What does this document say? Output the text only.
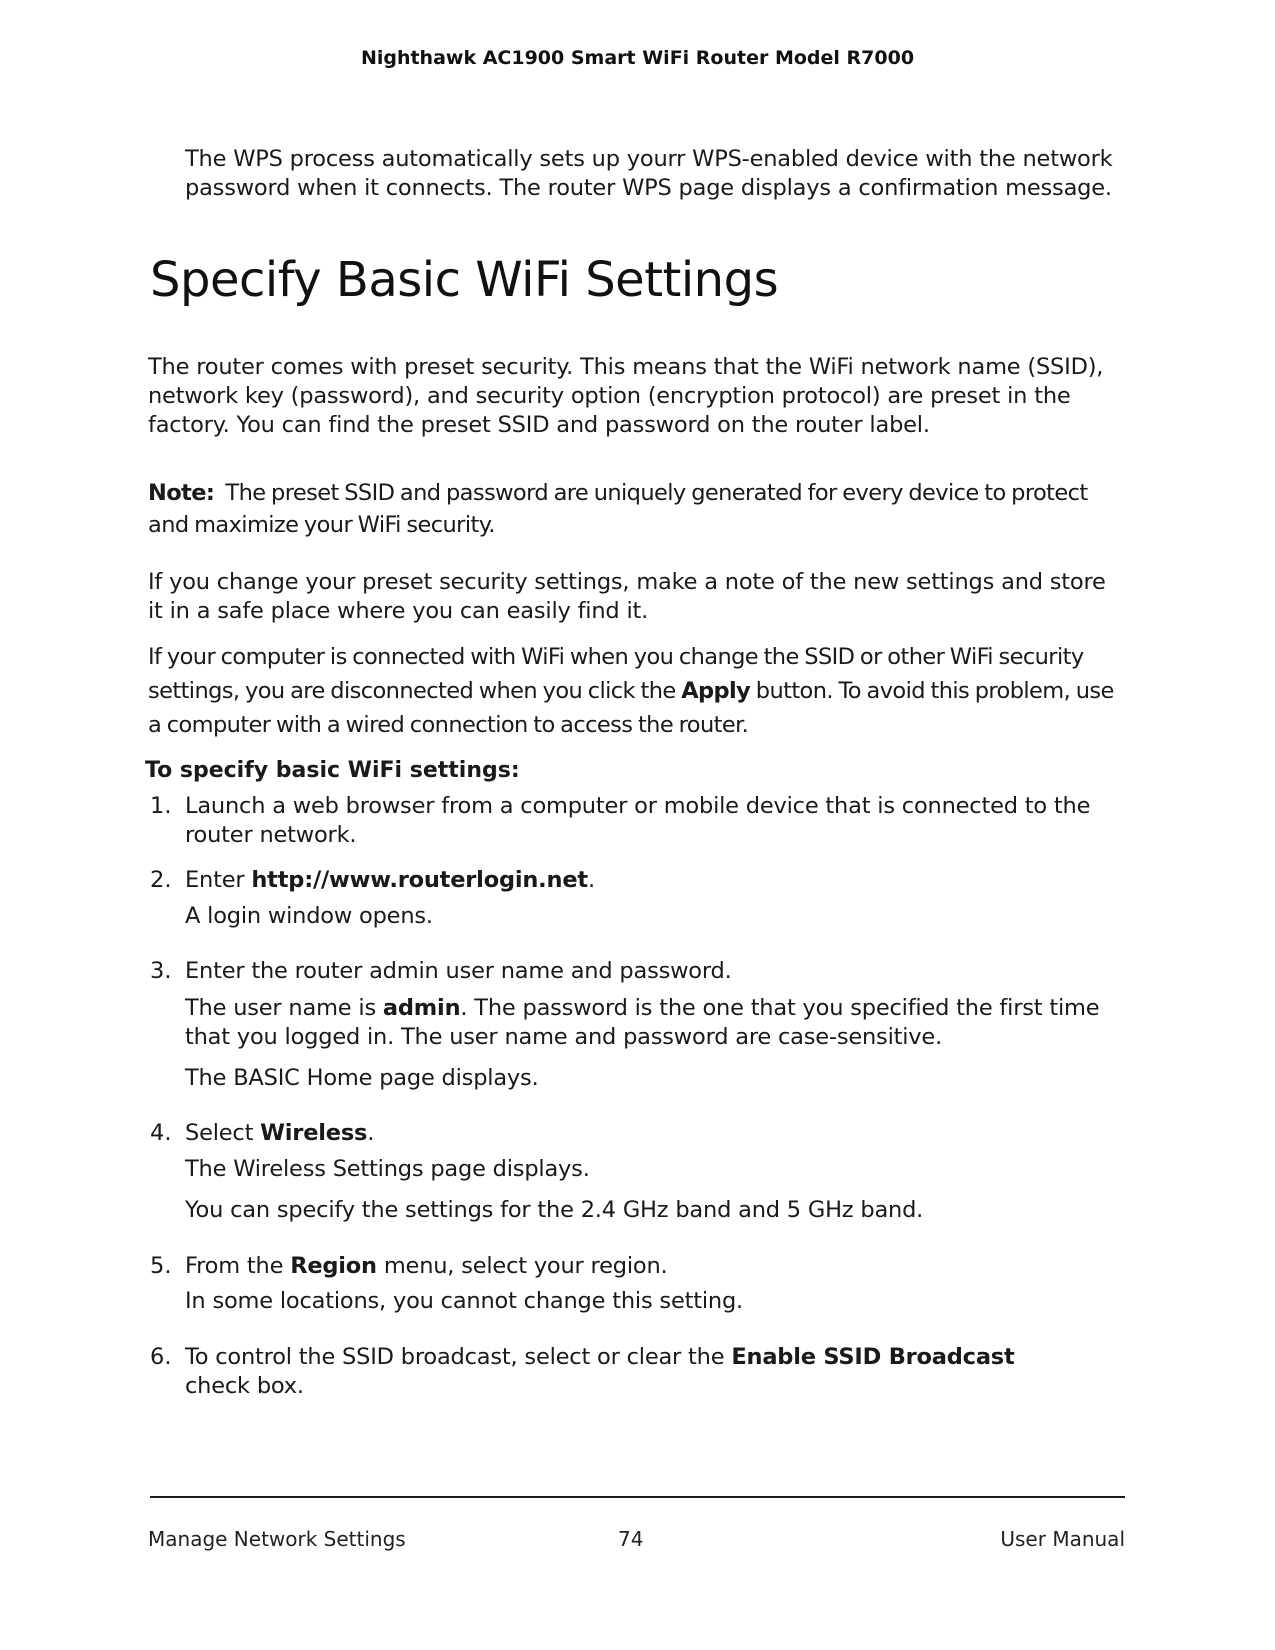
Nighthawk AC1900 Smart WiFi Router Model R7000

The WPS process automatically sets up yourr WPS-enabled device with the network password when it connects. The router WPS page displays a confirmation message.

Specify Basic WiFi Settings

The router comes with preset security. This means that the WiFi network name (SSID), network key (password), and security option (encryption protocol) are preset in the factory. You can find the preset SSID and password on the router label.

Note: The preset SSID and password are uniquely generated for every device to protect and maximize your WiFi security.

If you change your preset security settings, make a note of the new settings and store it in a safe place where you can easily find it.

If your computer is connected with WiFi when you change the SSID or other WiFi security settings, you are disconnected when you click the Apply button. To avoid this problem, use a computer with a wired connection to access the router.

To specify basic WiFi settings:

1. Launch a web browser from a computer or mobile device that is connected to the router network.

2. Enter http://www.routerlogin.net.

A login window opens.

3. Enter the router admin user name and password.

The user name is admin. The password is the one that you specified the first time that you logged in. The user name and password are case-sensitive.

The BASIC Home page displays.

4. Select Wireless.

The Wireless Settings page displays.

You can specify the settings for the 2.4 GHz band and 5 GHz band.

5. From the Region menu, select your region.

In some locations, you cannot change this setting.

6. To control the SSID broadcast, select or clear the Enable SSID Broadcast check box.

Manage Network Settings	74	User Manual
